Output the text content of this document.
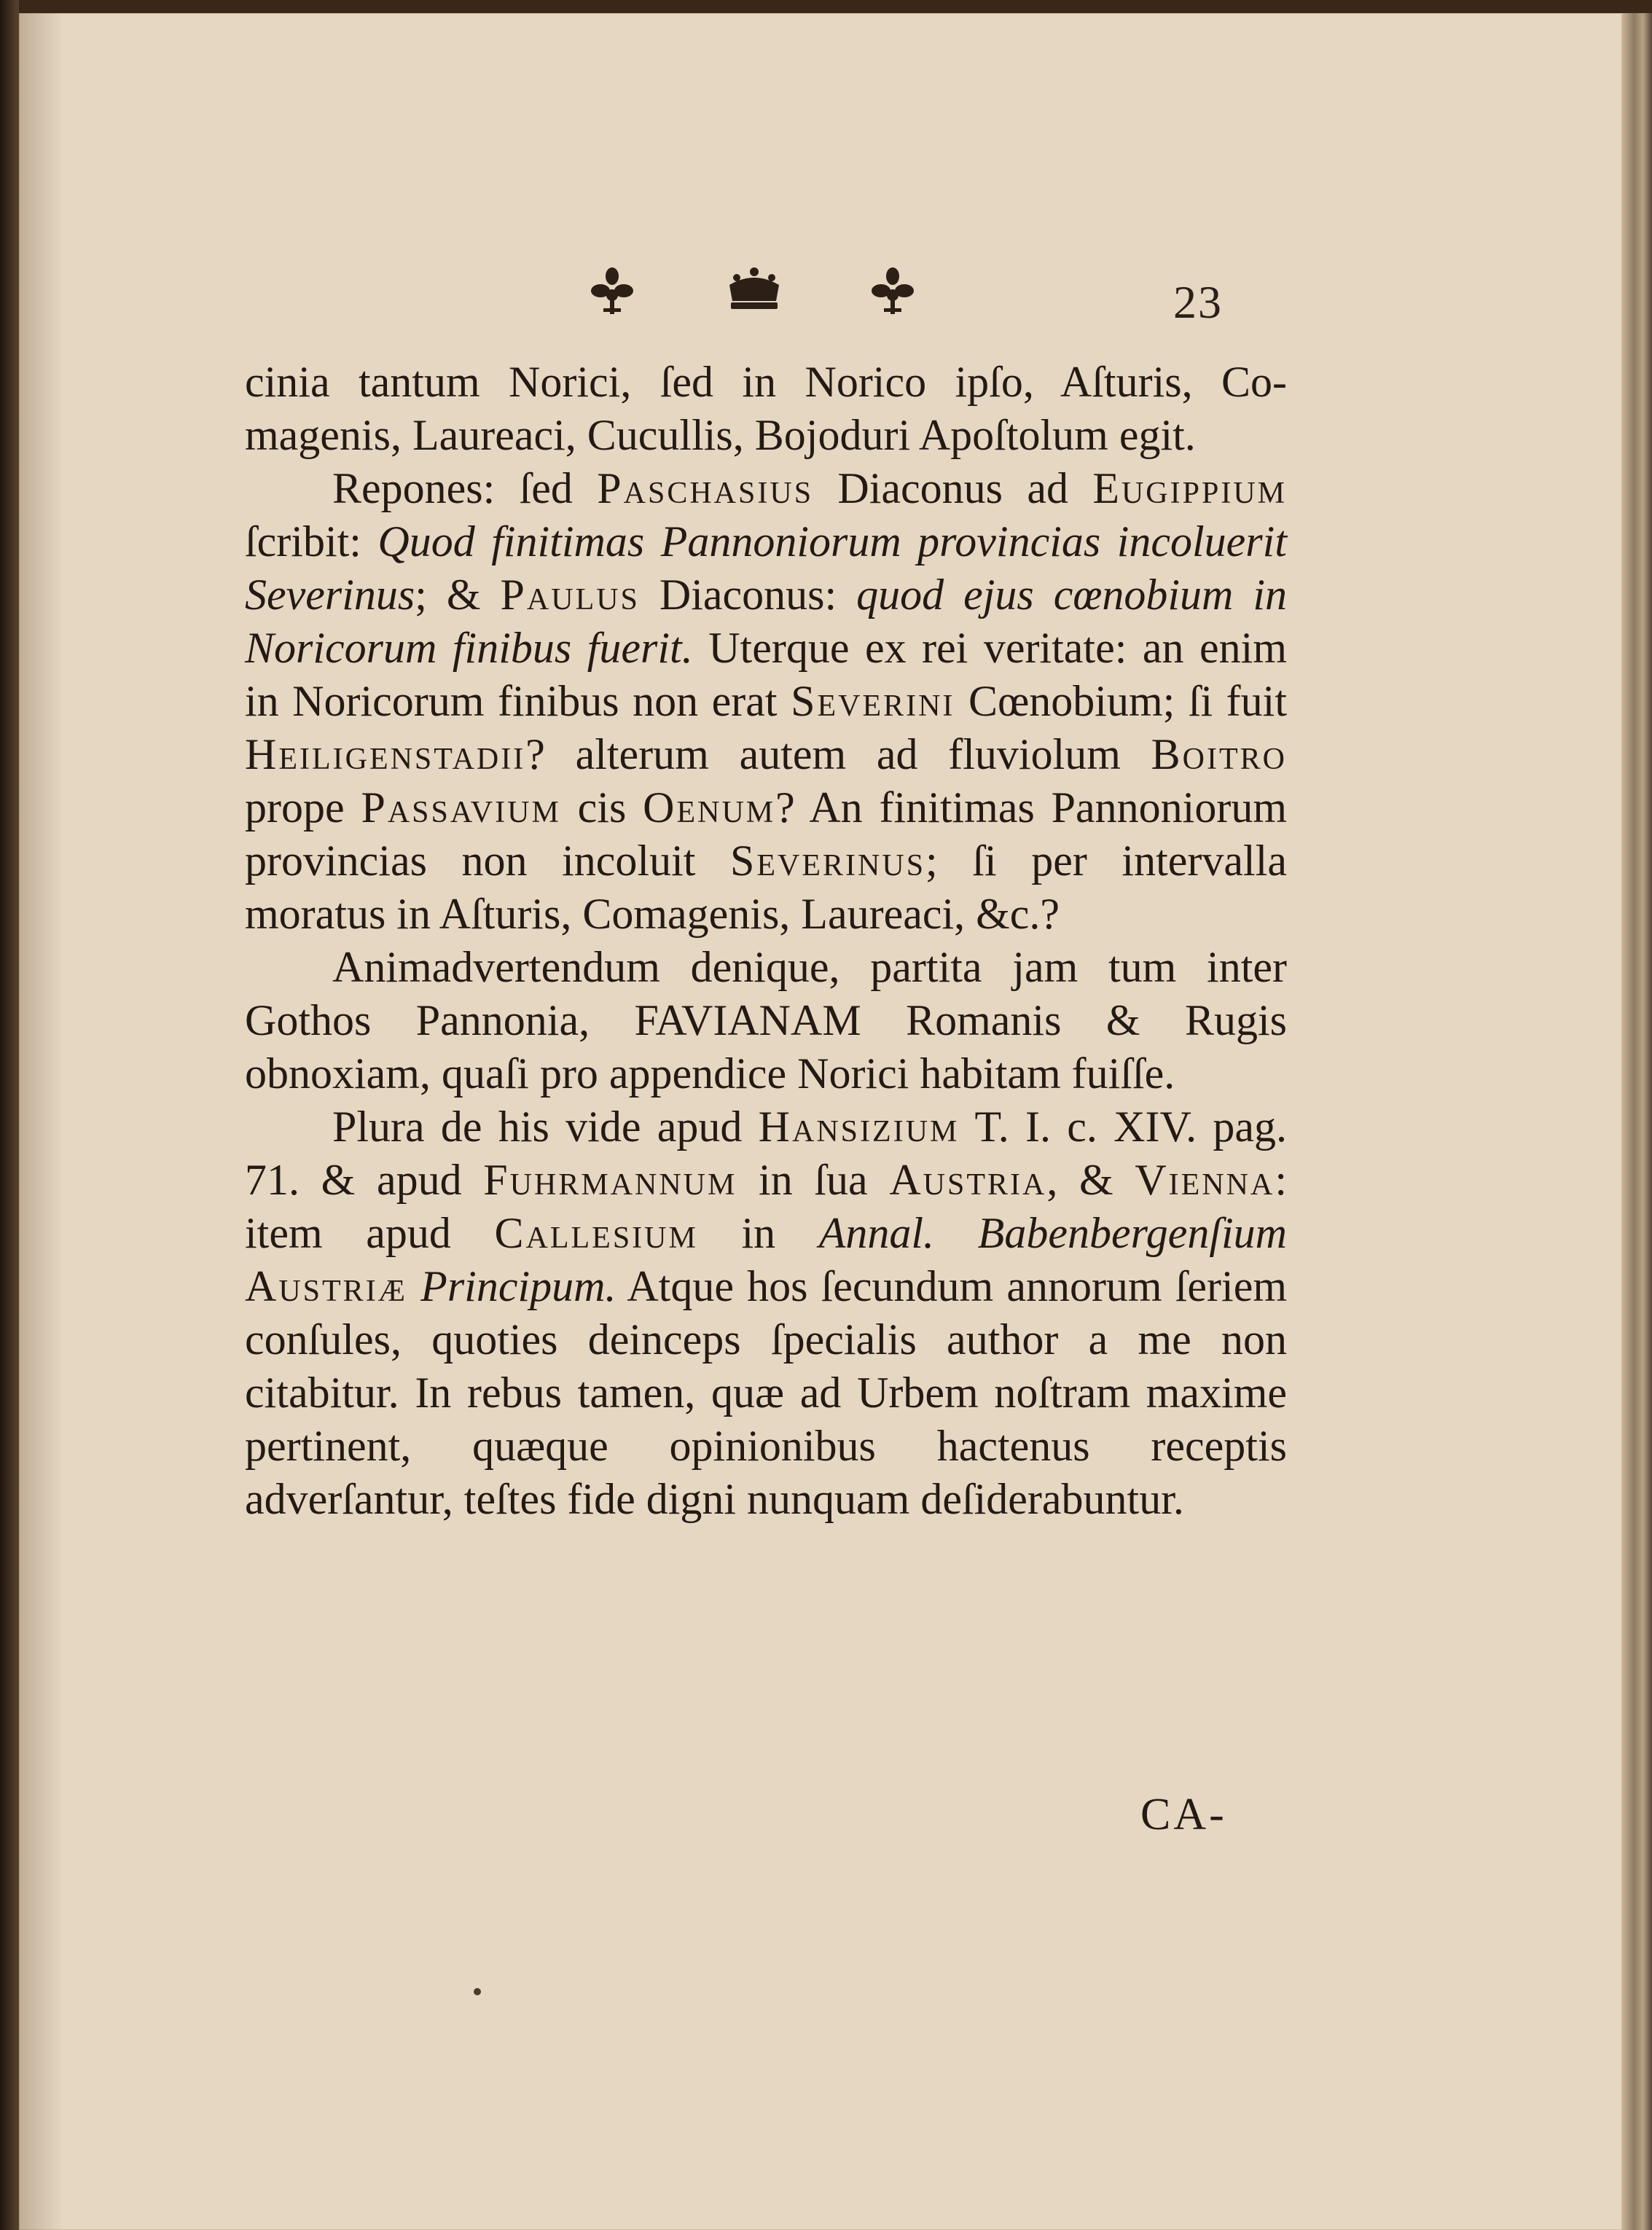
23

cinia tantum Norici, ſed in Norico ipſo, Aſturis, Co-magenis, Laureaci, Cucullis, Bojoduri Apoſtolum egit.

Repones: ſed Paschasius Diaconus ad Eugippium ſcribit: Quod finitimas Pannoniorum provincias incoluerit Severinus; & Paulus Diaconus: quod ejus cœnobium in Noricorum finibus fuerit. Uterque ex rei veritate: an enim in Noricorum finibus non erat Severini Cœnobium; ſi fuit Heiligenstadii? alterum autem ad fluviolum Boitro prope Passavium cis Oenum? An finitimas Pannoniorum provincias non incoluit Severinus; ſi per intervalla moratus in Aſturis, Comagenis, Laureaci, &c.?

Animadvertendum denique, partita jam tum inter Gothos Pannonia, FAVIANAM Romanis & Rugis obnoxiam, quaſi pro appendice Norici habitam fuiſſe.

Plura de his vide apud Hansizium T. I. c. XIV. pag. 71. & apud Fuhrmannum in ſua Austria, & Vienna: item apud Callesium in Annal. Babenbergenſium Austriæ Principum. Atque hos ſecundum annorum ſeriem conſules, quoties deinceps ſpecialis author a me non citabitur. In rebus tamen, quæ ad Urbem noſtram maxime pertinent, quæque opinionibus hactenus receptis adverſantur, teſtes fide digni nunquam deſiderabuntur.

CA-
